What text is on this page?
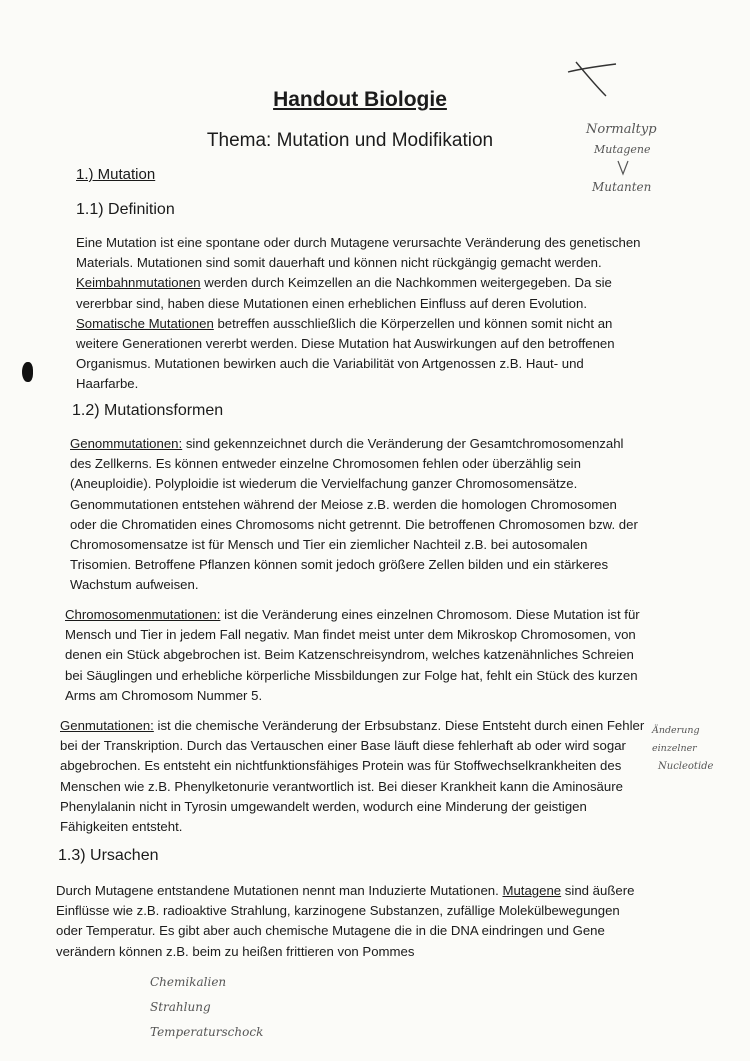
Handout Biologie
Thema: Mutation und Modifikation
1.) Mutation
1.1) Definition
Eine Mutation ist eine spontane oder durch Mutagene verursachte Veränderung des genetischen Materials. Mutationen sind somit dauerhaft und können nicht rückgängig gemacht werden. Keimbahnmutationen werden durch Keimzellen an die Nachkommen weitergegeben. Da sie vererbbar sind, haben diese Mutationen einen erheblichen Einfluss auf deren Evolution. Somatische Mutationen betreffen ausschließlich die Körperzellen und können somit nicht an weitere Generationen vererbt werden. Diese Mutation hat Auswirkungen auf den betroffenen Organismus. Mutationen bewirken auch die Variabilität von Artgenossen z.B. Haut- und Haarfarbe.
1.2) Mutationsformen
Genommutationen: sind gekennzeichnet durch die Veränderung der Gesamtchromosomenzahl des Zellkerns. Es können entweder einzelne Chromosomen fehlen oder überzählig sein (Aneuploidie). Polyploidie ist wiederum die Vervielfachung ganzer Chromosomensätze. Genommutationen entstehen während der Meiose z.B. werden die homologen Chromosomen oder die Chromatiden eines Chromosoms nicht getrennt. Die betroffenen Chromosomen bzw. der Chromosomensatze ist für Mensch und Tier ein ziemlicher Nachteil z.B. bei autosomalen Trisomien. Betroffene Pflanzen können somit jedoch größere Zellen bilden und ein stärkeres Wachstum aufweisen.
Chromosomenmutationen: ist die Veränderung eines einzelnen Chromosom. Diese Mutation ist für Mensch und Tier in jedem Fall negativ. Man findet meist unter dem Mikroskop Chromosomen, von denen ein Stück abgebrochen ist. Beim Katzenschreisyndrom, welches katzenähnliches Schreien bei Säuglingen und erhebliche körperliche Missbildungen zur Folge hat, fehlt ein Stück des kurzen Arms am Chromosom Nummer 5.
Genmutationen: ist die chemische Veränderung der Erbsubstanz. Diese Entsteht durch einen Fehler bei der Transkription. Durch das Vertauschen einer Base läuft diese fehlerhaft ab oder wird sogar abgebrochen. Es entsteht ein nichtfunktionsfähiges Protein was für Stoffwechselkrankheiten des Menschen wie z.B. Phenylketonurie verantwortlich ist. Bei dieser Krankheit kann die Aminosäure Phenylalanin nicht in Tyrosin umgewandelt werden, wodurch eine Minderung der geistigen Fähigkeiten entsteht.
1.3) Ursachen
Durch Mutagene entstandene Mutationen nennt man Induzierte Mutationen. Mutagene sind äußere Einflüsse wie z.B. radioaktive Strahlung, karzinogene Substanzen, zufällige Molekülbewegungen oder Temperatur. Es gibt aber auch chemische Mutagene die in die DNA eindringen und Gene verändern können z.B. beim zu heißen frittieren von Pommes
Normaltyp
Mutagene
Mutanten
Änderung
einzelner
Nucleotide
Chemikalien
Strahlung
Temperaturschock
